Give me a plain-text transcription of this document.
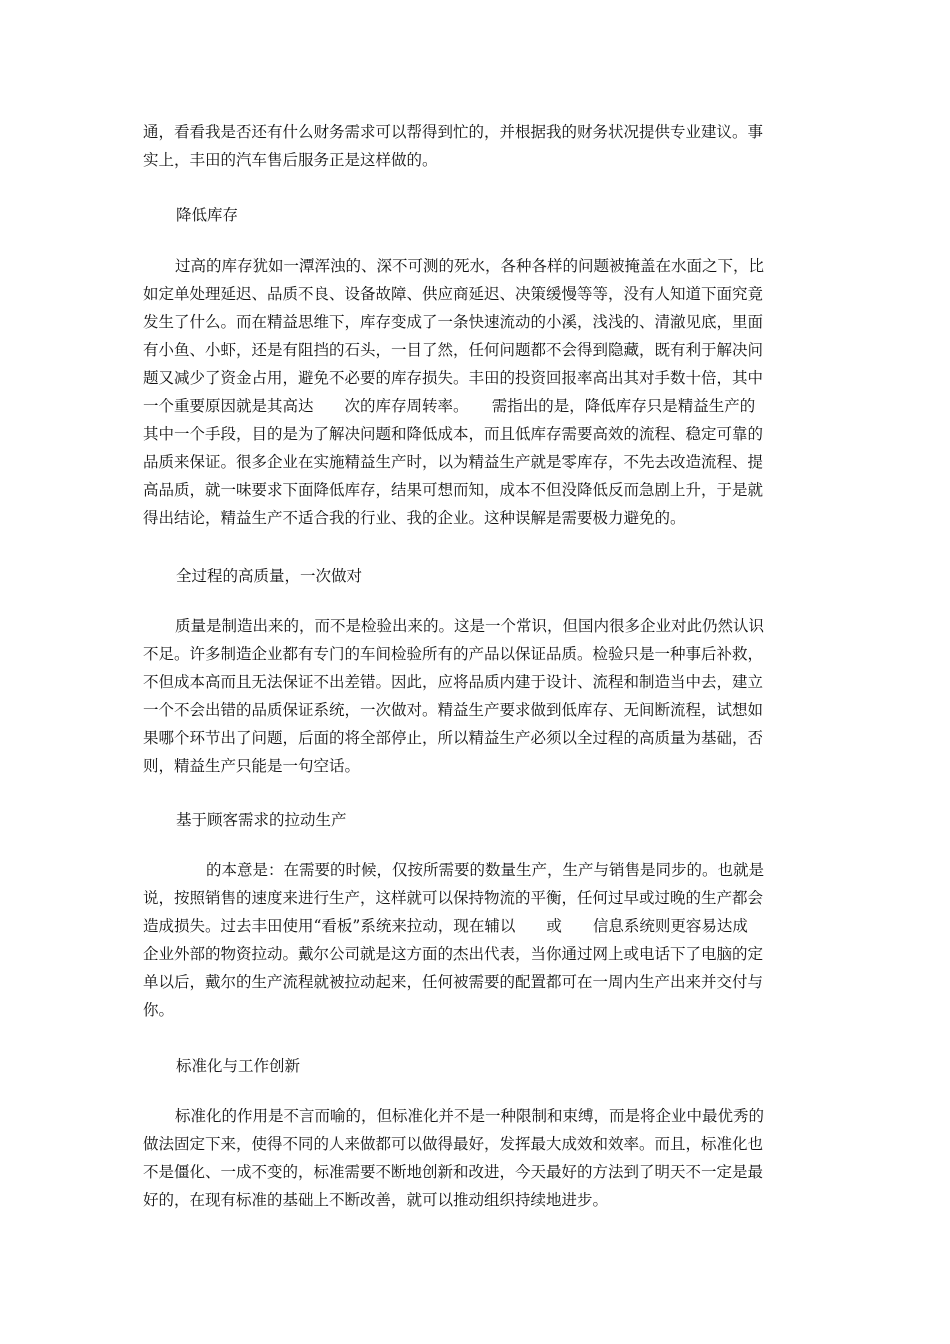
通，看看我是否还有什么财务需求可以帮得到忙的，并根据我的财务状况提供专业建议。事
实上，丰田的汽车售后服务正是这样做的。
降低库存
过高的库存犹如一潭浑浊的、深不可测的死水，各种各样的问题被掩盖在水面之下，比
如定单处理延迟、品质不良、设备故障、供应商延迟、决策缓慢等等，没有人知道下面究竟
发生了什么。而在精益思维下，库存变成了一条快速流动的小溪，浅浅的、清澈见底，里面
有小鱼、小虾，还是有阻挡的石头，一目了然，任何问题都不会得到隐藏，既有利于解决问
题又减少了资金占用，避免不必要的库存损失。丰田的投资回报率高出其对手数十倍，其中
一个重要原因就是其高达　　次的库存周转率。　　需指出的是，降低库存只是精益生产的
其中一个手段，目的是为了解决问题和降低成本，而且低库存需要高效的流程、稳定可靠的
品质来保证。很多企业在实施精益生产时，以为精益生产就是零库存，不先去改造流程、提
高品质，就一味要求下面降低库存，结果可想而知，成本不但没降低反而急剧上升，于是就
得出结论，精益生产不适合我的行业、我的企业。这种误解是需要极力避免的。
全过程的高质量，一次做对
质量是制造出来的，而不是检验出来的。这是一个常识，但国内很多企业对此仍然认识
不足。许多制造企业都有专门的车间检验所有的产品以保证品质。检验只是一种事后补救，
不但成本高而且无法保证不出差错。因此，应将品质内建于设计、流程和制造当中去，建立
一个不会出错的品质保证系统，一次做对。精益生产要求做到低库存、无间断流程，试想如
果哪个环节出了问题，后面的将全部停止，所以精益生产必须以全过程的高质量为基础，否
则，精益生产只能是一句空话。
基于顾客需求的拉动生产
　　的本意是：在需要的时候，仅按所需要的数量生产，生产与销售是同步的。也就是
说，按照销售的速度来进行生产，这样就可以保持物流的平衡，任何过早或过晚的生产都会
造成损失。过去丰田使用“看板”系统来拉动，现在辅以　　或　　信息系统则更容易达成
企业外部的物资拉动。戴尔公司就是这方面的杰出代表，当你通过网上或电话下了电脑的定
单以后，戴尔的生产流程就被拉动起来，任何被需要的配置都可在一周内生产出来并交付与
你。
标准化与工作创新
标准化的作用是不言而喻的，但标准化并不是一种限制和束缚，而是将企业中最优秀的
做法固定下来，使得不同的人来做都可以做得最好，发挥最大成效和效率。而且，标准化也
不是僵化、一成不变的，标准需要不断地创新和改进，今天最好的方法到了明天不一定是最
好的，在现有标准的基础上不断改善，就可以推动组织持续地进步。
